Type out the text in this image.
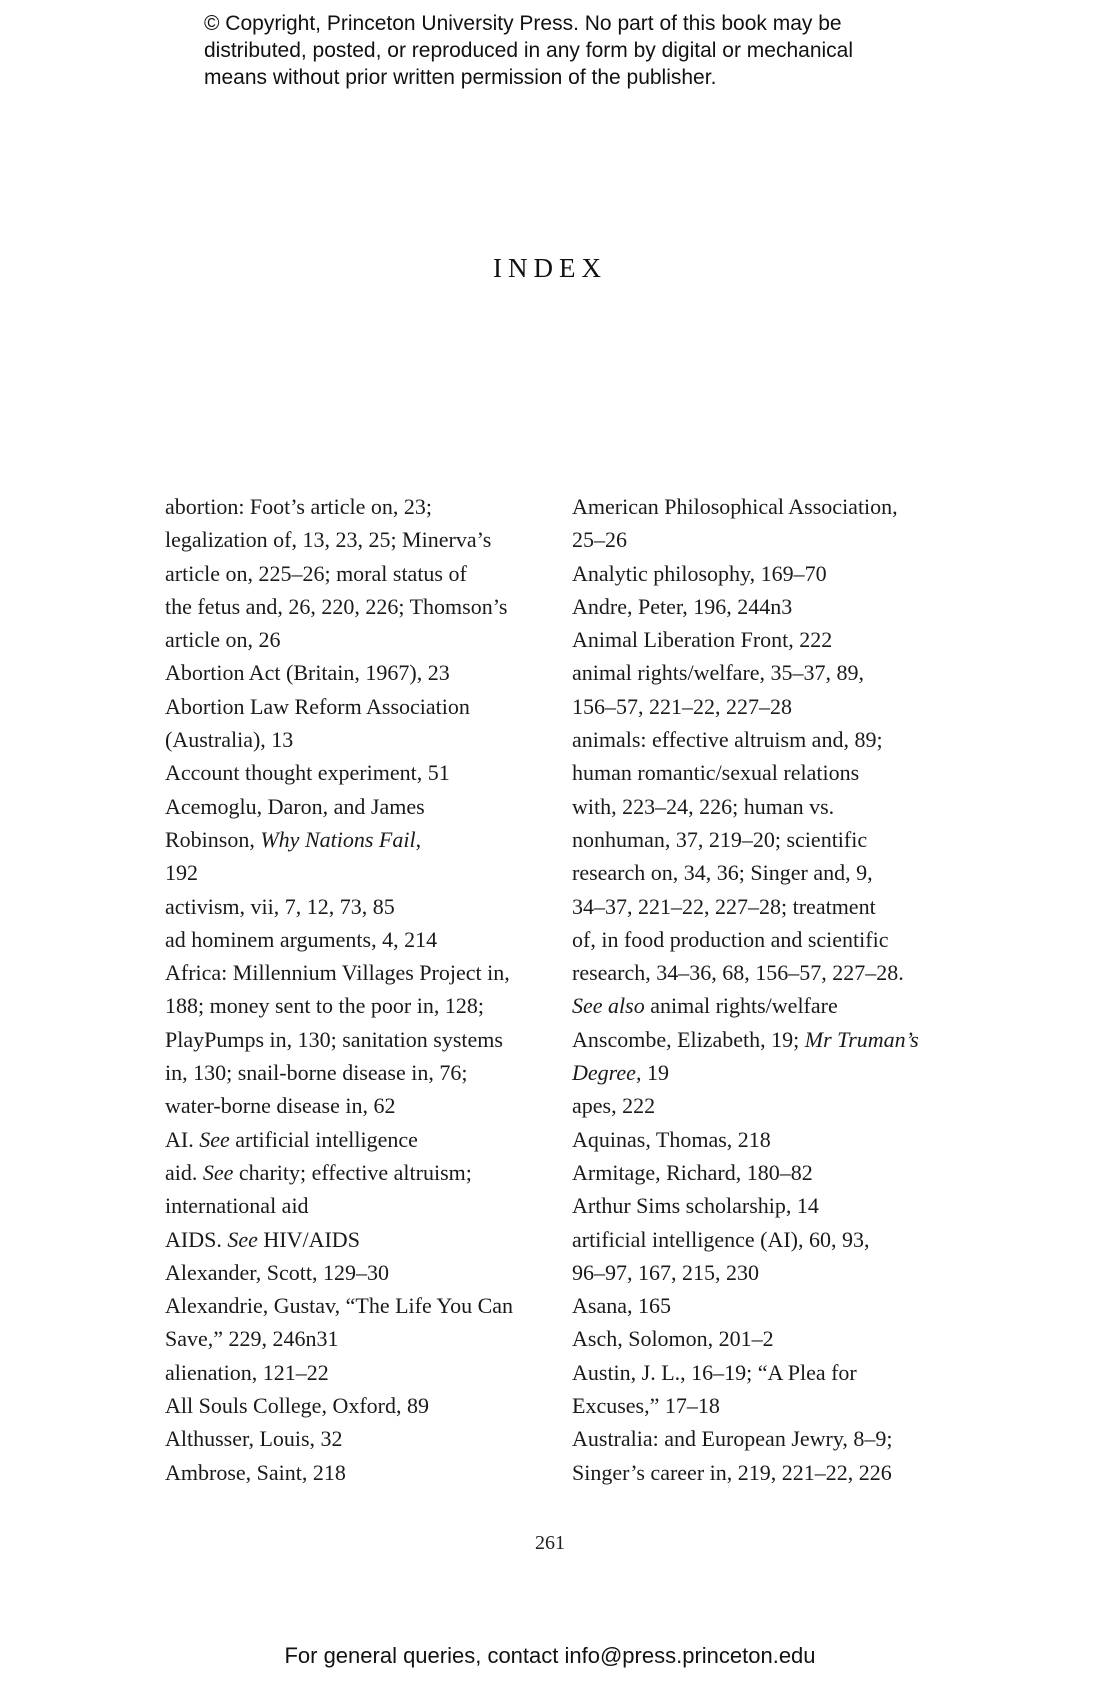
© Copyright, Princeton University Press. No part of this book may be
distributed, posted, or reproduced in any form by digital or mechanical
means without prior written permission of the publisher.
INDEX
abortion: Foot’s article on, 23;
legalization of, 13, 23, 25; Minerva’s
article on, 225–26; moral status of
the fetus and, 26, 220, 226; Thomson’s
article on, 26
Abortion Act (Britain, 1967), 23
Abortion Law Reform Association
(Australia), 13
Account thought experiment, 51
Acemoglu, Daron, and James
Robinson, Why Nations Fail,
192
activism, vii, 7, 12, 73, 85
ad hominem arguments, 4, 214
Africa: Millennium Villages Project in,
188; money sent to the poor in, 128;
PlayPumps in, 130; sanitation systems
in, 130; snail-borne disease in, 76;
water-borne disease in, 62
AI. See artificial intelligence
aid. See charity; effective altruism;
international aid
AIDS. See HIV/AIDS
Alexander, Scott, 129–30
Alexandrie, Gustav, “The Life You Can
Save,” 229, 246n31
alienation, 121–22
All Souls College, Oxford, 89
Althusser, Louis, 32
Ambrose, Saint, 218
American Philosophical Association,
25–26
Analytic philosophy, 169–70
Andre, Peter, 196, 244n3
Animal Liberation Front, 222
animal rights/welfare, 35–37, 89,
156–57, 221–22, 227–28
animals: effective altruism and, 89;
human romantic/sexual relations
with, 223–24, 226; human vs.
nonhuman, 37, 219–20; scientific
research on, 34, 36; Singer and, 9,
34–37, 221–22, 227–28; treatment
of, in food production and scientific
research, 34–36, 68, 156–57, 227–28.
See also animal rights/welfare
Anscombe, Elizabeth, 19; Mr Truman’s
Degree, 19
apes, 222
Aquinas, Thomas, 218
Armitage, Richard, 180–82
Arthur Sims scholarship, 14
artificial intelligence (AI), 60, 93,
96–97, 167, 215, 230
Asana, 165
Asch, Solomon, 201–2
Austin, J. L., 16–19; “A Plea for
Excuses,” 17–18
Australia: and European Jewry, 8–9;
Singer’s career in, 219, 221–22, 226
261
For general queries, contact info@press.princeton.edu
